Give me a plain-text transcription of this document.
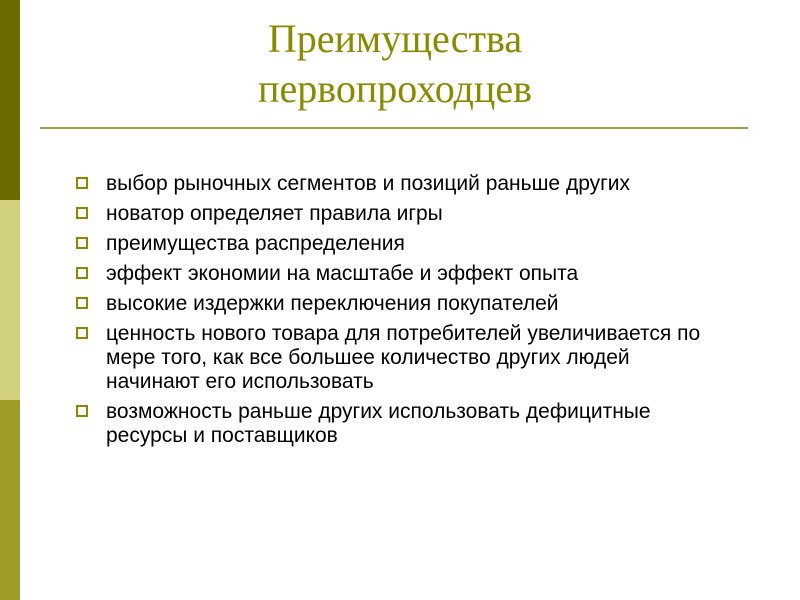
Преимущества
первопроходцев
выбор рыночных сегментов и позиций раньше других
новатор определяет правила игры
преимущества распределения
эффект экономии на масштабе и эффект опыта
высокие издержки переключения покупателей
ценность нового товара для потребителей увеличивается по мере того, как все большее количество других людей начинают его использовать
возможность раньше других использовать дефицитные ресурсы и поставщиков
